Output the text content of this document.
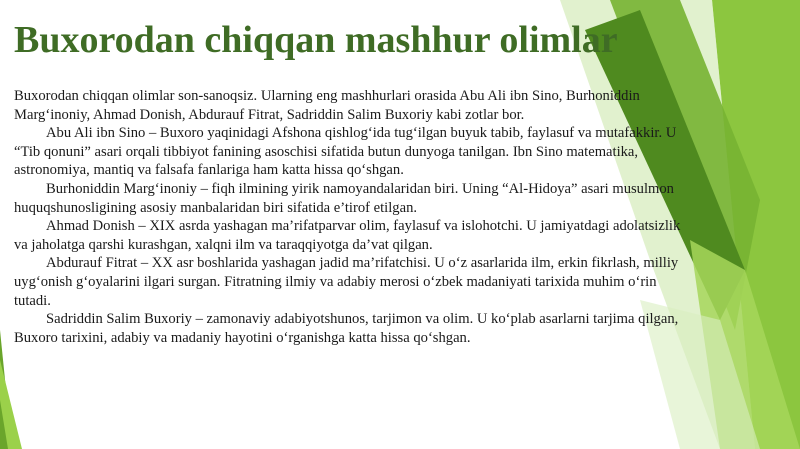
Buxorodan chiqqan mashhur olimlar

Buxorodan chiqqan olimlar son-sanoqsiz. Ularning eng mashhurlari orasida Abu Ali ibn Sino, Burhoniddin Marg‘inoniy, Ahmad Donish, Abdurauf Fitrat, Sadriddin Salim Buxoriy kabi zotlar bor.

Abu Ali ibn Sino – Buxoro yaqinidagi Afshona qishlog‘ida tug‘ilgan buyuk tabib, faylasuf va mutafakkir. U “Tib qonuni” asari orqali tibbiyot fanining asoschisi sifatida butun dunyoga tanilgan. Ibn Sino matematika, astronomiya, mantiq va falsafa fanlariga ham katta hissa qo‘shgan.

Burhoniddin Marg‘inoniy – fiqh ilmining yirik namoyandalaridan biri. Uning “Al-Hidoya” asari musulmon huquqshunosligining asosiy manbalaridan biri sifatida e’tirof etilgan.

Ahmad Donish – XIX asrda yashagan ma’rifatparvar olim, faylasuf va islohotchi. U jamiyatdagi adolatsizlik va jaholatga qarshi kurashgan, xalqni ilm va taraqqiyotga da’vat qilgan.

Abdurauf Fitrat – XX asr boshlarida yashagan jadid ma’rifatchisi. U o‘z asarlarida ilm, erkin fikrlash, milliy uyg‘onish g‘oyalarini ilgari surgan. Fitratning ilmiy va adabiy merosi o‘zbek madaniyati tarixida muhim o‘rin tutadi.

Sadriddin Salim Buxoriy – zamonaviy adabiyotshunos, tarjimon va olim. U ko‘plab asarlarni tarjima qilgan, Buxoro tarixini, adabiy va madaniy hayotini o‘rganishga katta hissa qo‘shgan.
